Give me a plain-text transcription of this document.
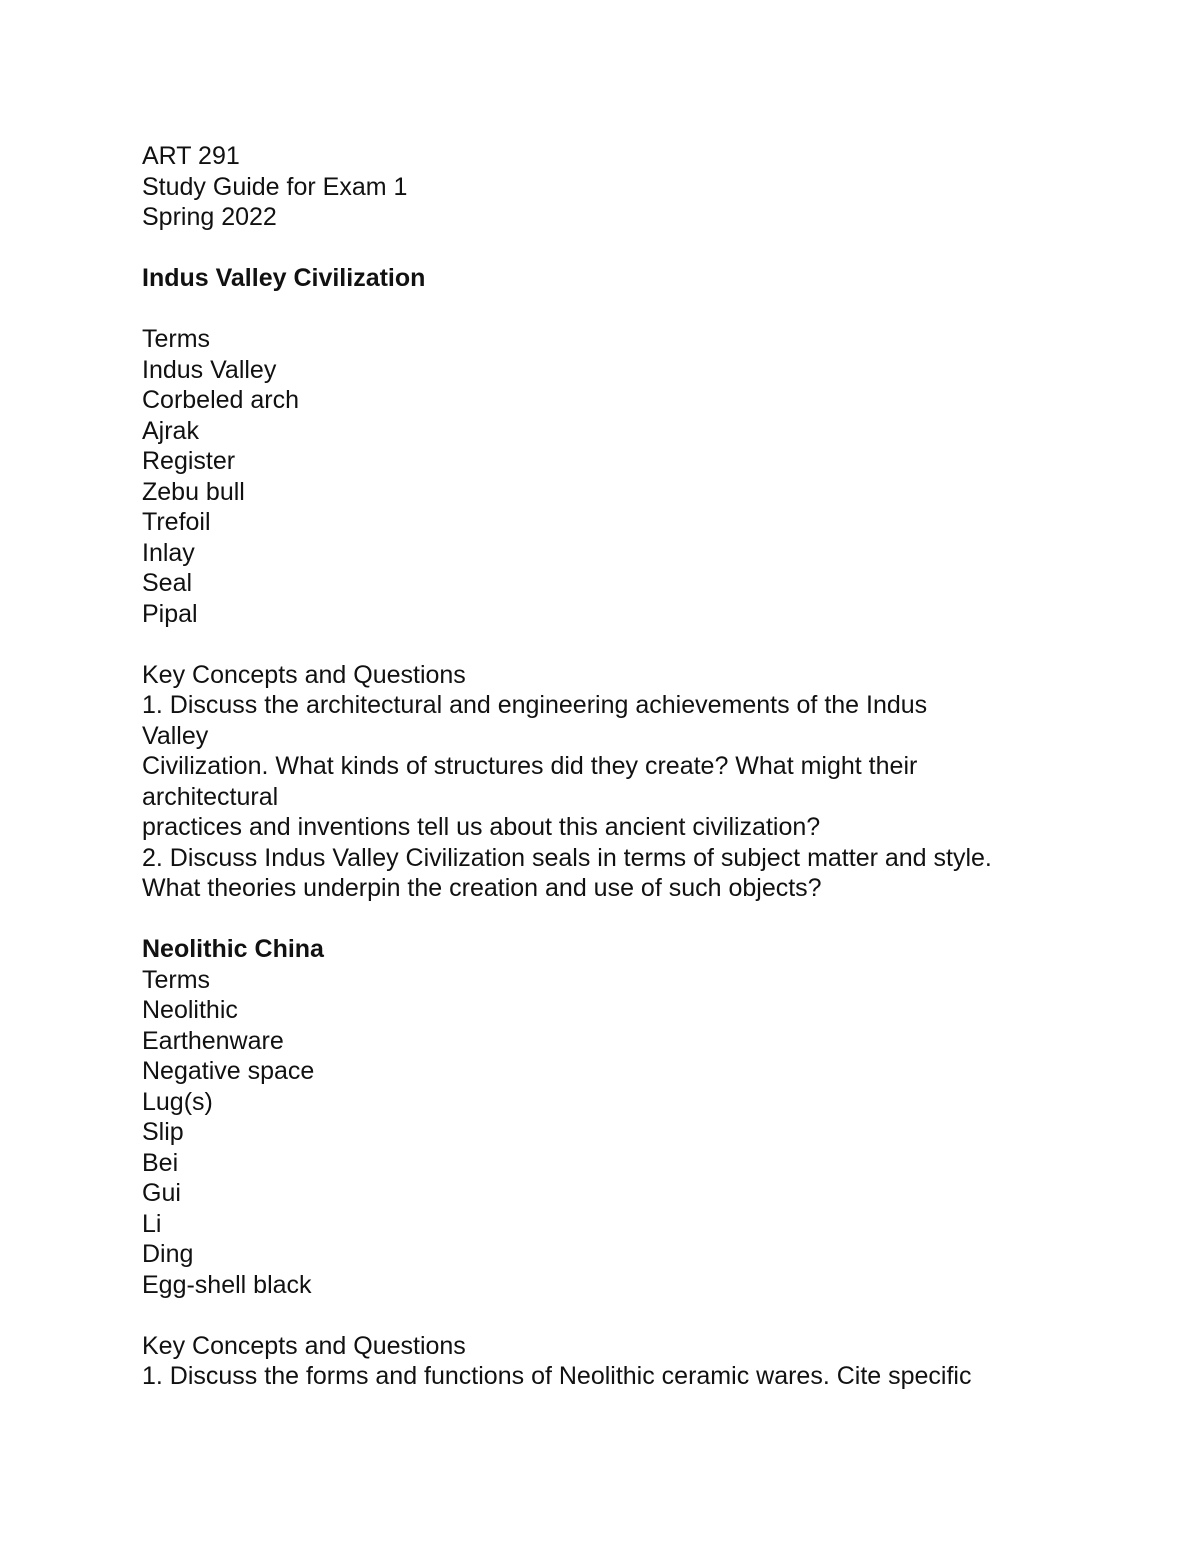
ART 291
Study Guide for Exam 1
Spring 2022
Indus Valley Civilization
Terms
Indus Valley
Corbeled arch
Ajrak
Register
Zebu bull
Trefoil
Inlay
Seal
Pipal
Key Concepts and Questions
1. Discuss the architectural and engineering achievements of the Indus
Valley
Civilization. What kinds of structures did they create? What might their
architectural
practices and inventions tell us about this ancient civilization?
2. Discuss Indus Valley Civilization seals in terms of subject matter and style.
What theories underpin the creation and use of such objects?
Neolithic China
Terms
Neolithic
Earthenware
Negative space
Lug(s)
Slip
Bei
Gui
Li
Ding
Egg-shell black
Key Concepts and Questions
1. Discuss the forms and functions of Neolithic ceramic wares. Cite specific
